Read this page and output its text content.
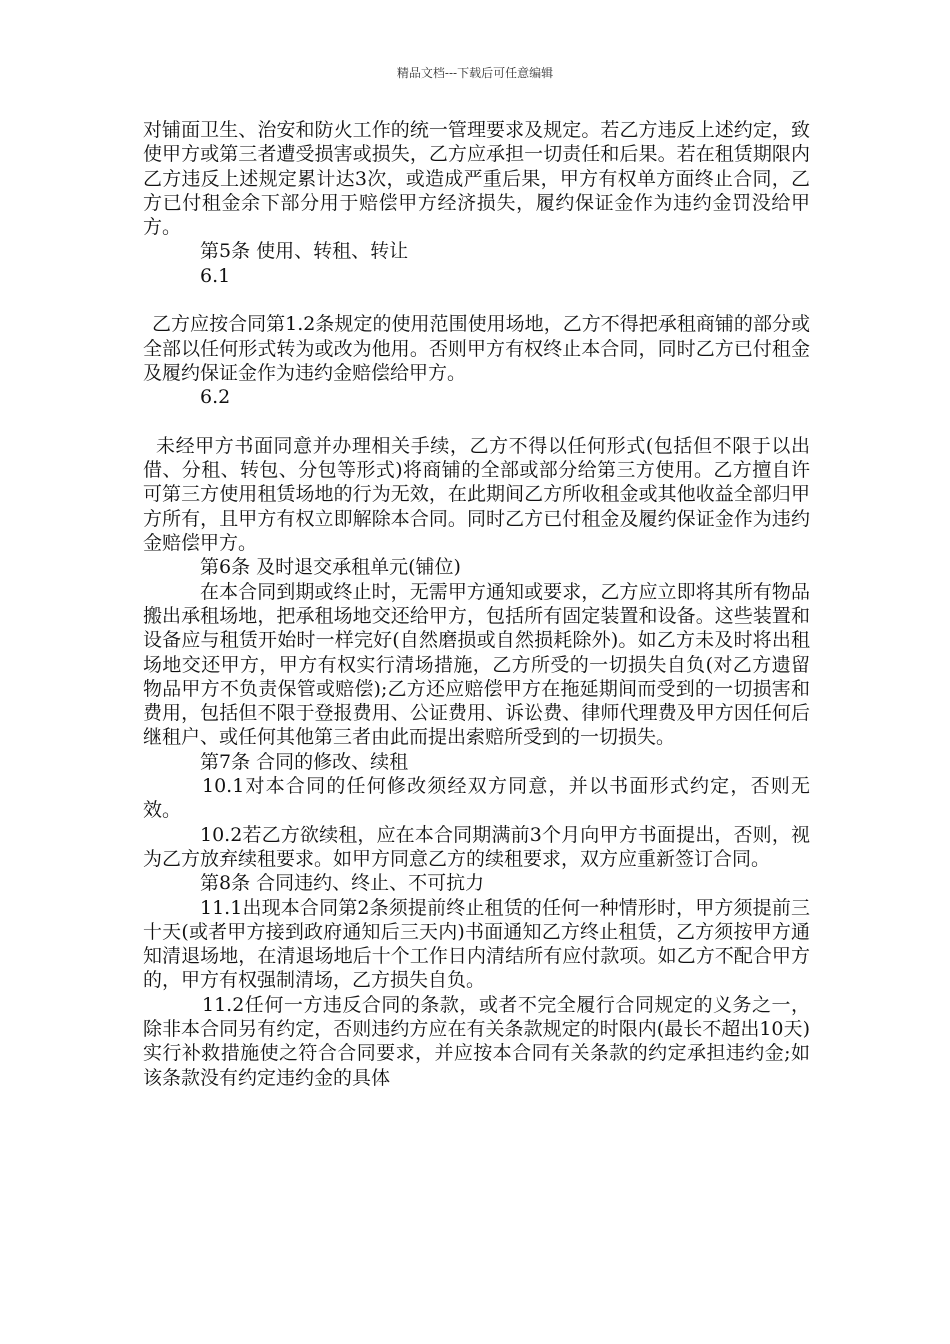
精品文档---下载后可任意编辑

对铺面卫生、治安和防火工作的统一管理要求及规定。若乙方违反上述约定，致使甲方或第三者遭受损害或损失，乙方应承担一切责任和后果。若在租赁期限内乙方违反上述规定累计达3次，或造成严重后果，甲方有权单方面终止合同，乙方已付租金余下部分用于赔偿甲方经济损失，履约保证金作为违约金罚没给甲方。

第5条 使用、转租、转让

6.1

乙方应按合同第1.2条规定的使用范围使用场地，乙方不得把承租商铺的部分或全部以任何形式转为或改为他用。否则甲方有权终止本合同，同时乙方已付租金及履约保证金作为违约金赔偿给甲方。

6.2

未经甲方书面同意并办理相关手续，乙方不得以任何形式(包括但不限于以出借、分租、转包、分包等形式)将商铺的全部或部分给第三方使用。乙方擅自许可第三方使用租赁场地的行为无效，在此期间乙方所收租金或其他收益全部归甲方所有，且甲方有权立即解除本合同。同时乙方已付租金及履约保证金作为违约金赔偿甲方。

第6条 及时退交承租单元(铺位)

在本合同到期或终止时，无需甲方通知或要求，乙方应立即将其所有物品搬出承租场地，把承租场地交还给甲方，包括所有固定装置和设备。这些装置和设备应与租赁开始时一样完好(自然磨损或自然损耗除外)。如乙方未及时将出租场地交还甲方，甲方有权实行清场措施，乙方所受的一切损失自负(对乙方遗留物品甲方不负责保管或赔偿);乙方还应赔偿甲方在拖延期间而受到的一切损害和费用，包括但不限于登报费用、公证费用、诉讼费、律师代理费及甲方因任何后继租户、或任何其他第三者由此而提出索赔所受到的一切损失。

第7条 合同的修改、续租

10.1对本合同的任何修改须经双方同意，并以书面形式约定，否则无效。

10.2若乙方欲续租，应在本合同期满前3个月向甲方书面提出，否则，视为乙方放弃续租要求。如甲方同意乙方的续租要求，双方应重新签订合同。

第8条 合同违约、终止、不可抗力

11.1出现本合同第2条须提前终止租赁的任何一种情形时，甲方须提前三十天(或者甲方接到政府通知后三天内)书面通知乙方终止租赁，乙方须按甲方通知清退场地，在清退场地后十个工作日内清结所有应付款项。如乙方不配合甲方的，甲方有权强制清场，乙方损失自负。

11.2任何一方违反合同的条款，或者不完全履行合同规定的义务之一，除非本合同另有约定，否则违约方应在有关条款规定的时限内(最长不超出10天)实行补救措施使之符合合同要求，并应按本合同有关条款的约定承担违约金;如该条款没有约定违约金的具体
